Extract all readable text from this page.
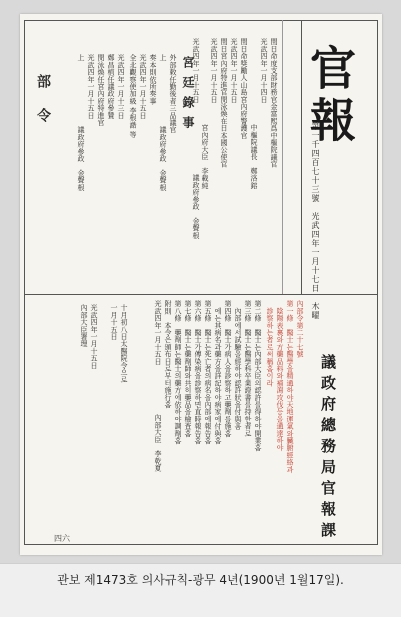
官報
第一千四百七十三號　光武四年一月十七日　木曜
議政府總務局官報課
宮廷錄事
部令	外部敕任勤後者三品議官
上　　　　　　　　　議政府參政　金聲根
奏本則依所奏事
光武四年一月十五日
全北觀察使加級 李根澔 等
光武四年一月十三日
鄭昌植任議政府參贊
閔泳煥任宮內府特進官
光武四年一月十五日
上　　　　　　　　　議政府參政　金聲根	閏日命度支部財務官金富熙爲中樞院議官
光武四年一月十四日
中樞院議長　鄭洛鎔
閏日命獎勵人山島宮內府警護官
光武四年一月十五日
閏日宮內府特進官閔泳煥在日本國公使官
光武四年一月十五日
宮內府大臣　李載純
光武四年一月十五日
議政府參政　金聲根
內部令第二十七號
第一條　醫士는醫學을精通하야天地運氣와臟腑經絡과
　陰陽表裏와方藥品料와補瀉攻伐등을通達하야
　診察하는者로써稱홈이라
第二條　醫士는內部大臣의認許를得하야開業홈
第三條　醫士는醫學科卒業證書를持한者로
　內部에서試驗을經하야認許狀을付與홈
第四條　醫士가病人을診察하고藥劑를施홈
　에는其病名과藥方을詳記하야病家에付與홈
第五條　醫士는死亡者의病名을內部에報告홈
第六條　醫士가傳染病을診察하면直時報告홈
第七條　醫士는藥劑師와共히藥品을檢査홈
第八條　藥劑師는醫士의藥方에依하야調劑홈
附則　本令은頒布日로부터施行홈
光武四年一月十五日
內部大臣　李乾夏
十月初八日太醫院令으로
一月十五日
光武四年一月十五日
內部大臣署理
四六
관보 제1473호 의사규칙-광무 4년(1900년 1월17일).
